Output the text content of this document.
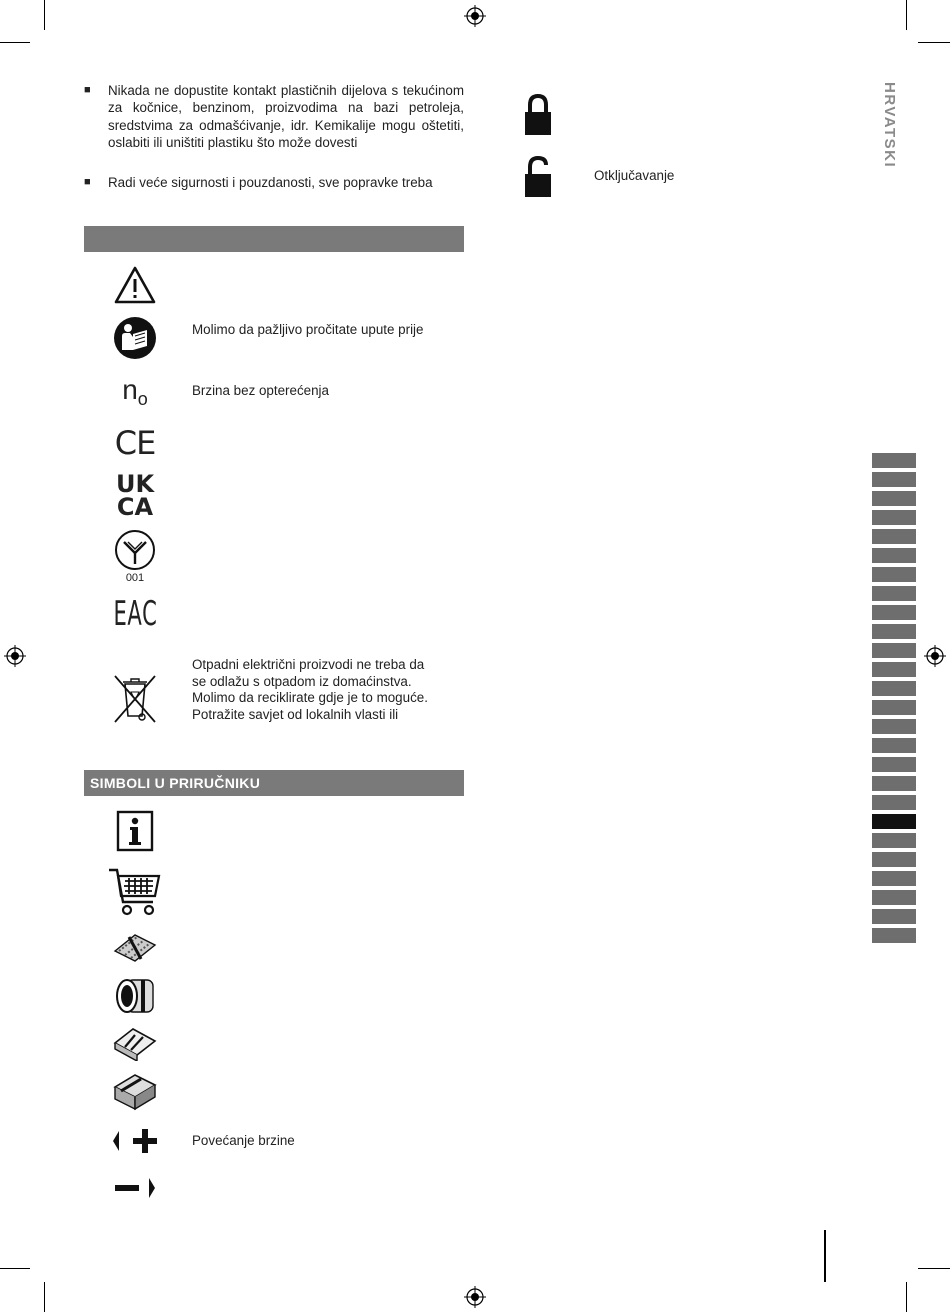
HRVATSKI
■ Nikada ne dopustite kontakt plastičnih dijelova s tekućinom za kočnice, benzinom, proizvodima na bazi petroleja, sredstvima za odmašćivanje, idr. Kemikalije mogu oštetiti, oslabiti ili uništiti plastiku što može dovesti
■ Radi veće sigurnosti i pouzdanosti, sve popravke treba
Molimo da pažljivo pročitate upute prije
n o	Brzina bez opterećenja
CE
UK
CA
001
EAC
Otpadni električni proizvodi ne treba da
se odlažu s otpadom iz domaćinstva.
Molimo da reciklirate gdje je to moguće.
Potražite savjet od lokalnih vlasti ili
SIMBOLI U PRIRUČNIKU
Povećanje brzine
Otključavanje
